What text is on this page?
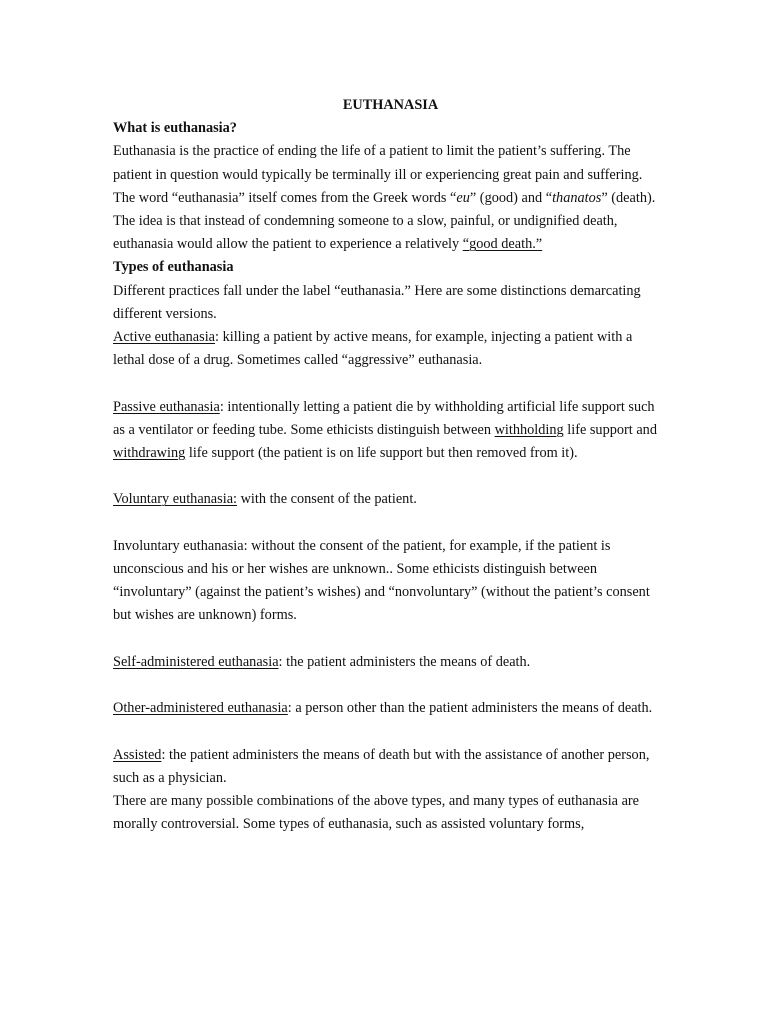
EUTHANASIA

What is euthanasia?

Euthanasia is the practice of ending the life of a patient to limit the patient’s suffering. The patient in question would typically be terminally ill or experiencing great pain and suffering.

The word “euthanasia” itself comes from the Greek words “eu” (good) and “thanatos” (death). The idea is that instead of condemning someone to a slow, painful, or undignified death, euthanasia would allow the patient to experience a relatively “good death.”

Types of euthanasia

Different practices fall under the label “euthanasia.” Here are some distinctions demarcating different versions.

Active euthanasia: killing a patient by active means, for example, injecting a patient with a lethal dose of a drug. Sometimes called “aggressive” euthanasia.

Passive euthanasia: intentionally letting a patient die by withholding artificial life support such as a ventilator or feeding tube. Some ethicists distinguish between withholding life support and withdrawing life support (the patient is on life support but then removed from it).

Voluntary euthanasia: with the consent of the patient.

Involuntary euthanasia: without the consent of the patient, for example, if the patient is unconscious and his or her wishes are unknown.. Some ethicists distinguish between “involuntary” (against the patient’s wishes) and “nonvoluntary” (without the patient’s consent but wishes are unknown) forms.

Self-administered euthanasia: the patient administers the means of death.

Other-administered euthanasia: a person other than the patient administers the means of death.

Assisted: the patient administers the means of death but with the assistance of another person, such as a physician.

There are many possible combinations of the above types, and many types of euthanasia are morally controversial. Some types of euthanasia, such as assisted voluntary forms,
